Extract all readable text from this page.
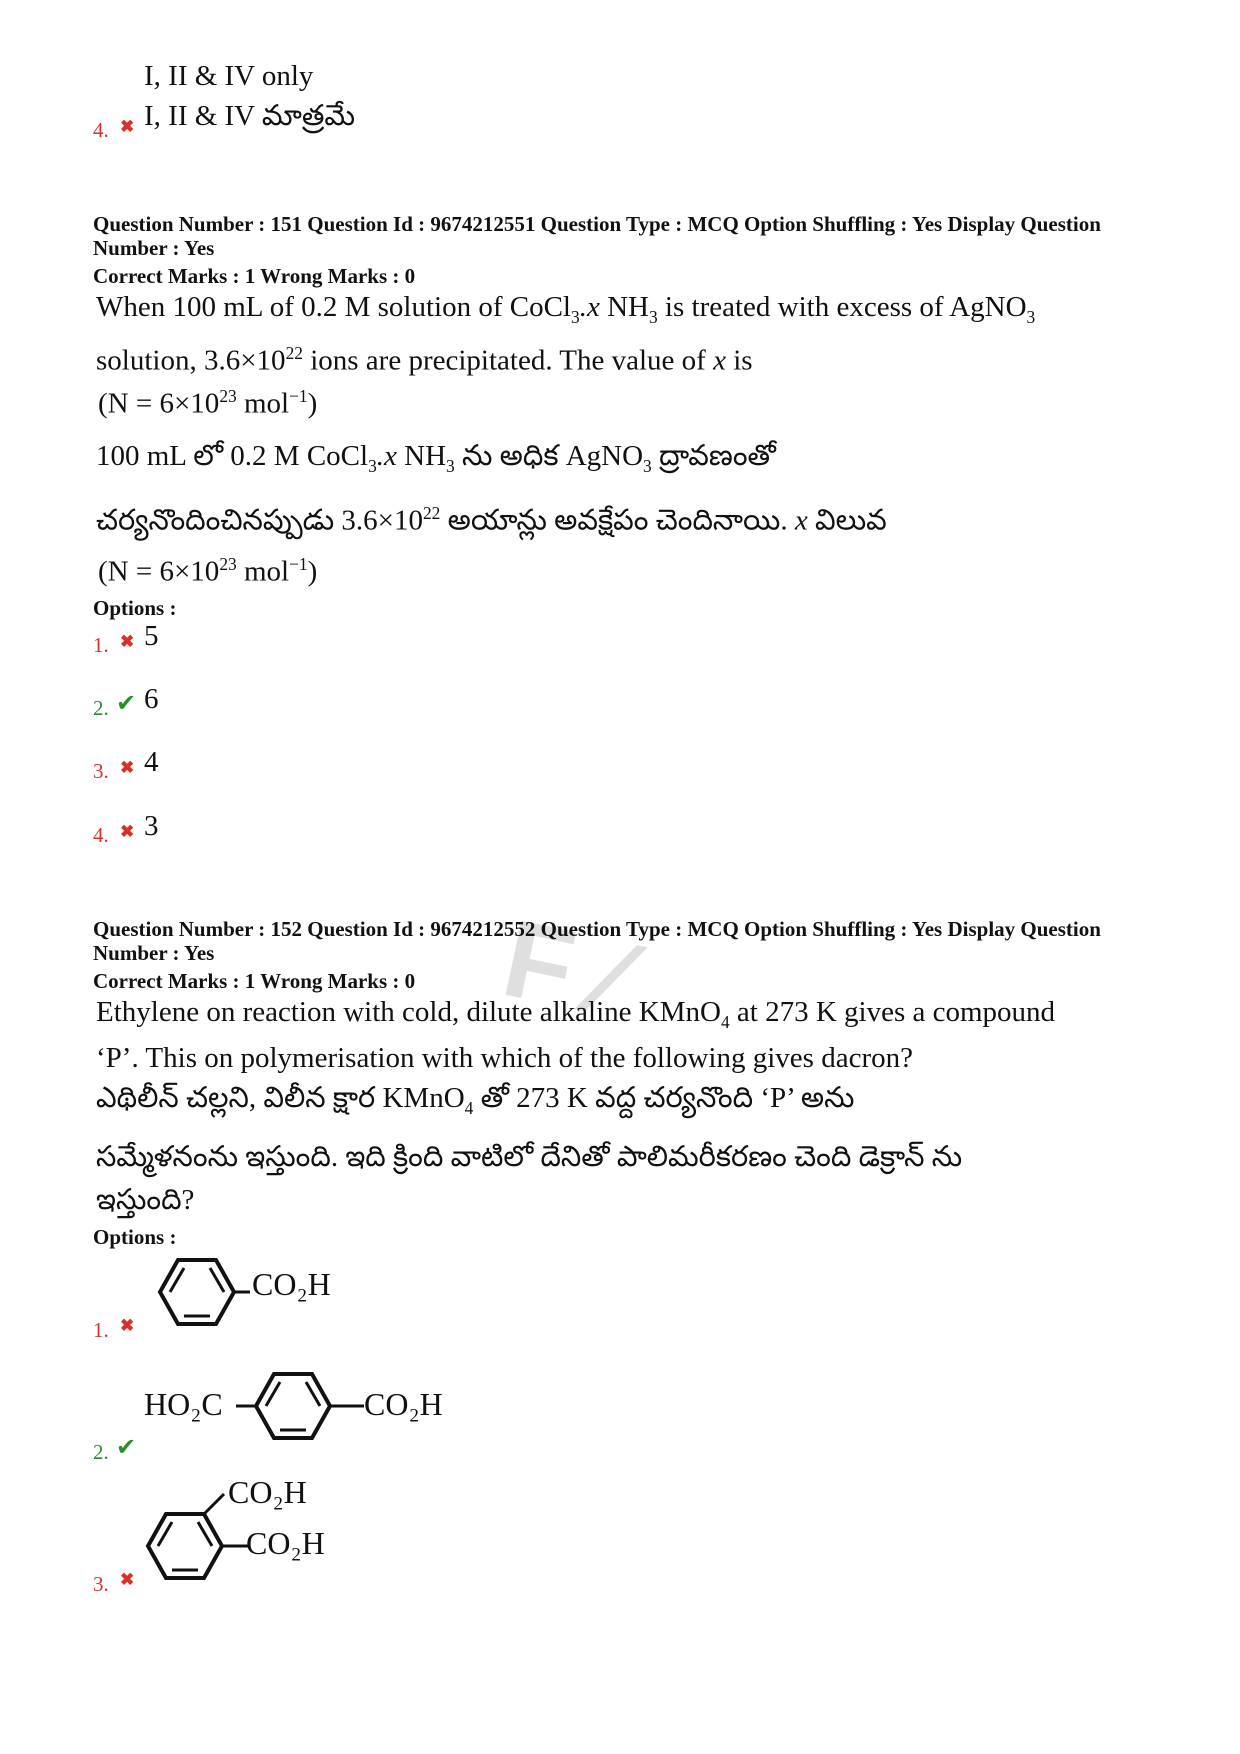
F ⁄
I, II & IV only
4. ✖ I, II & IV మాత్రమే
Question Number : 151 Question Id : 9674212551 Question Type : MCQ Option Shuffling : Yes Display Question Number : Yes
Correct Marks : 1 Wrong Marks : 0
When 100 mL of 0.2 M solution of CoCl$_3$.x $NH_3$ is treated with excess of AgNO$_3$
solution, $3.6\times 10^{22}$ ions are precipitated. The value of x is
($N = 6\times 10^{23}$ mol$^{-1}$)
100 mL లో 0.2 M CoCl$_3$.x $NH_3$ ను అధిక AgNO$_3$ ద్రావణంతో
చర్యనొందించినప్పుడు $3.6\times 10^{22}$ అయాన్లు అవక్షేపం చెందినాయి. x విలువ
($N = 6\times 10^{23}$ mol$^{-1}$)
Options :
1. ✖ 5
2. ✔ 6
3. ✖ 4
4. ✖ 3
Question Number : 152 Question Id : 9674212552 Question Type : MCQ Option Shuffling : Yes Display Question Number : Yes
Correct Marks : 1 Wrong Marks : 0
Ethylene on reaction with cold, dilute alkaline KMnO$_4$ at 273 K gives a compound
‘P’. This on polymerisation with which of the following gives dacron?
ఎథిలీన్ చల్లని, విలీన క్షార KMnO$_4$ తో 273 K వద్ద చర్యనొంది ‘P’ అను
సమ్మేళనంను ఇస్తుంది. ఇది క్రింది వాటిలో దేనితో పాలిమరీకరణం చెంది డెక్రాన్ ను
ఇస్తుంది?
Options :
1. ✖
CO₂H
2. ✔
HO₂C	CO₂H
3. ✖
CO₂H
CO₂H
